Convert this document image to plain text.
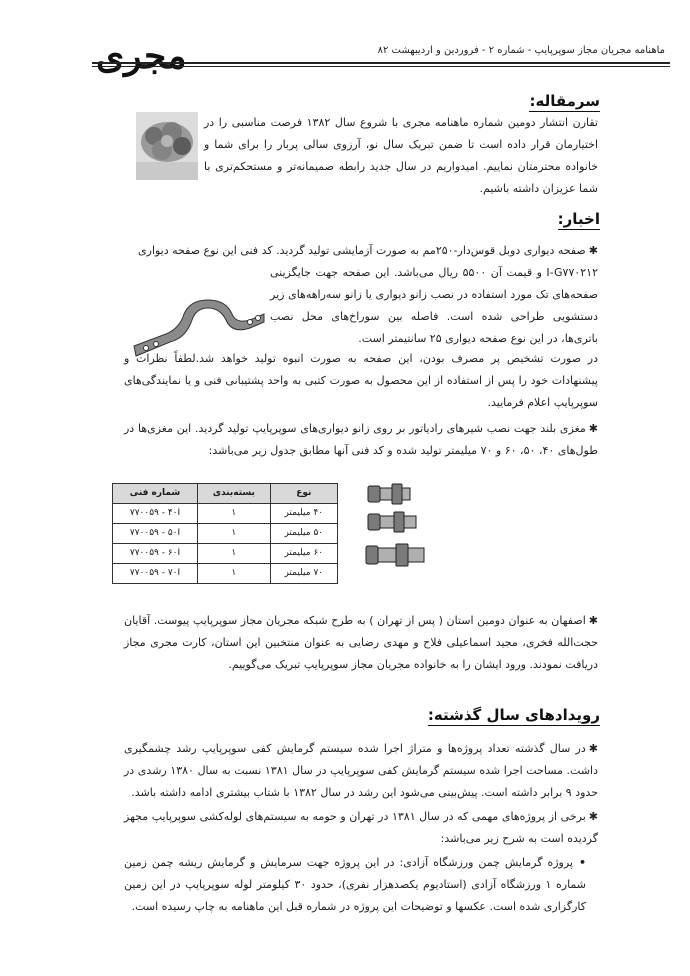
مجری	ماهنامه مجریان مجاز سوپرپایپ - شماره ۲ - فروردین و اردیبهشت ۸۲
سرمقاله:
تقارن انتشار دومین شماره ماهنامه مجری با شروع سال ۱۳۸۲ فرصت مناسبی را در اختیارمان قرار داده است تا ضمن تبریک سال نو، آرزوی سالی پربار را برای شما و خانواده محترمتان نماییم. امیدواریم در سال جدید رابطه صمیمانه‌تر و مستحکم‌تری با شما عزیزان داشته باشیم.
اخبار:
✱صفحه دیواری دوبل قوس‌دار-۲۵۰مم به صورت آزمایشی تولید گردید. کد فنی این نوع صفحه دیواری
I-G۷۷۰۲۱۲ و قیمت آن ۵۵۰۰ ریال می‌باشد. این صفحه جهت جایگزینی صفحه‌های تک مورد استفاده در نصب زانو دیواری یا زانو سه‌راهه‌های زیر دستشویی طراحی شده است. فاصله بین سوراخ‌های محل نصب باتری‌ها، در این نوع صفحه دیواری ۲۵ سانتیمتر است.
در صورت تشخیص پر مصرف بودن، این صفحه به صورت انبوه تولید خواهد شد.لطفاً نظرات و پیشنهادات خود را پس از استفاده از این محصول به صورت کتبی به واحد پشتیبانی فنی و یا نمایندگی‌های سوپرپایپ اعلام فرمایید.
✱مغزی بلند جهت نصب شیرهای رادیاتور بر روی زانو دیواری‌های سوپرپایپ تولید گردید. این مغزی‌ها در طول‌های ۴۰، ۵۰، ۶۰ و ۷۰ میلیمتر تولید شده و کد فنی آنها مطابق جدول زیر می‌باشد:
نوع	بسته‌بندی	شماره فنی
۴۰ میلیمتر	۱	۷۷۰۰۵۹ - ۴۰I
۵۰ میلیمتر	۱	۷۷۰۰۵۹ - ۵۰I
۶۰ میلیمتر	۱	۷۷۰۰۵۹ - ۶۰I
۷۰ میلیمتر	۱	۷۷۰۰۵۹ - ۷۰I
✱اصفهان به عنوان دومین استان ( پس از تهران ) به طرح شبکه مجریان مجاز سوپرپایپ پیوست. آقایان حجت‌الله فخری، مجید اسماعیلی فلاح و مهدی رضایی به عنوان منتخبین این استان، کارت مجری مجاز دریافت نمودند. ورود ایشان را به خانواده مجریان مجاز سوپرپایپ تبریک می‌گوییم.
رویدادهای سال گذشته:
✱در سال گذشته تعداد پروژه‌ها و متراژ اجرا شده سیستم گرمایش کفی سوپرپایپ رشد چشمگیری داشت. مساحت اجرا شده سیستم گرمایش کفی سوپرپایپ در سال ۱۳۸۱ نسبت به سال ۱۳۸۰ رشدی در حدود ۹ برابر داشته است. پیش‌بینی می‌شود این رشد در سال ۱۳۸۲ با شتاب بیشتری ادامه داشته باشد.
✱برخی از پروژه‌های مهمی که در سال ۱۳۸۱ در تهران و حومه به سیستم‌های لوله‌کشی سوپرپایپ مجهز گردیده است به شرح زیر می‌باشد:
•پروژه گرمایش چمن ورزشگاه آزادی: در این پروژه جهت سرمایش و گرمایش ریشه چمن زمین شماره ۱ ورزشگاه آزادی (استادیوم یکصدهزار نفری)، حدود ۳۰ کیلومتر لوله سوپرپایپ در این زمین کارگزاری شده است. عکسها و توضیحات این پروژه در شماره قبل این ماهنامه به چاپ رسیده است.
